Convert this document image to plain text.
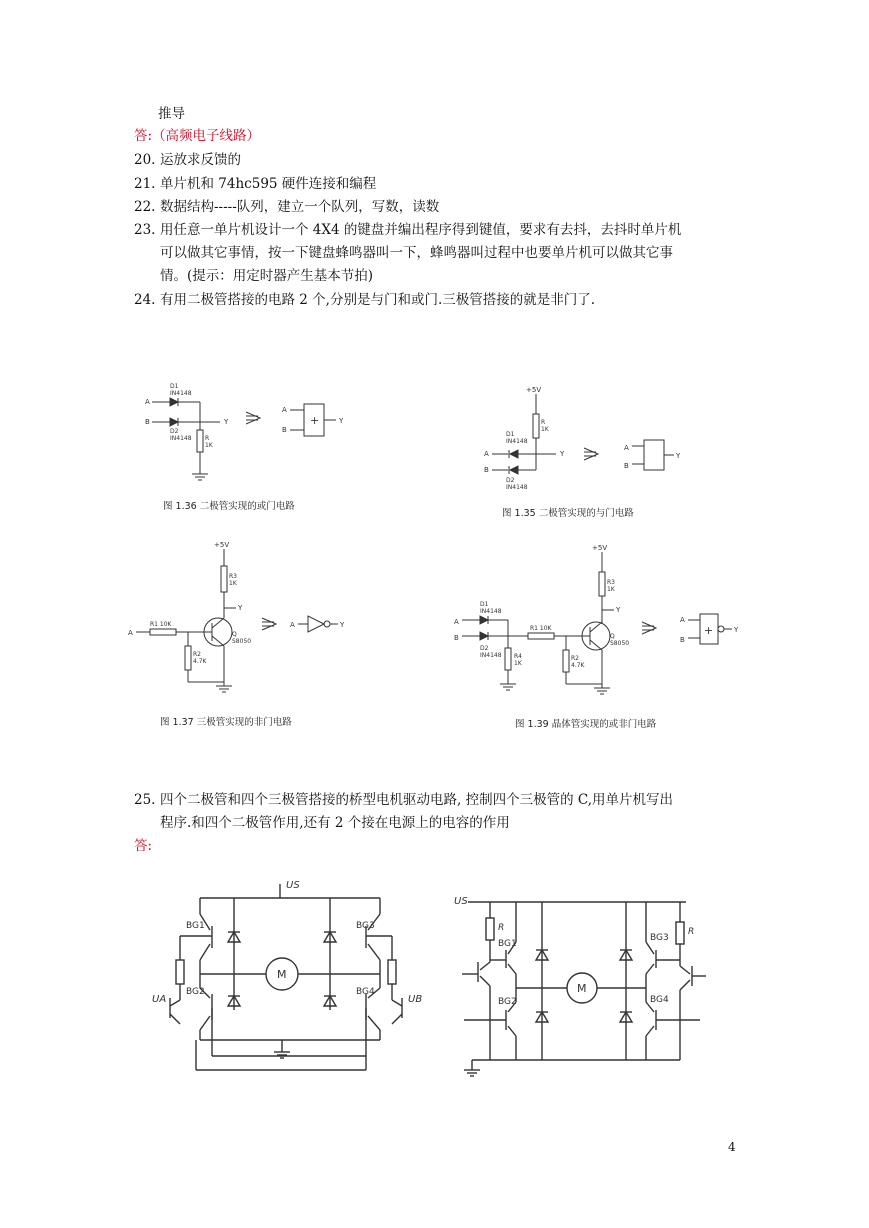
推导
答:（高频电子线路）
20. 运放求反馈的
21. 单片机和 74hc595 硬件连接和编程
22. 数据结构-----队列，建立一个队列，写数，读数
23. 用任意一单片机设计一个 4X4 的键盘并编出程序得到键值，要求有去抖，去抖时单片机
可以做其它事情，按一下键盘蜂鸣器叫一下，蜂鸣器叫过程中也要单片机可以做其它事
情。(提示：用定时器产生基本节拍)
24. 有用二极管搭接的电路 2 个,分别是与门和或门.三极管搭接的就是非门了.
A
B
D1
IN4148
D2
IN4148
Y
R
1K
A
B
+	Y
图 1.36 二极管实现的或门电路
+5V
R
1K
A
B
Y
D1
IN4148
D2
IN4148
A
B
Y
图 1.35 二极管实现的与门电路
+5V
R3
1K
Y
Q
S8050
A
R1 10K
R2
4.7K
A	Y
图 1.37 三极管实现的非门电路
+5V
R3
1K
Y
Q
S8050
A
B
D1
IN4148
D2
IN4148 R4
1K
R1 10K
R2
4.7K
A
B
+	Y
图 1.39 晶体管实现的或非门电路
25. 四个二极管和四个三极管搭接的桥型电机驱动电路, 控制四个三极管的 C,用单片机写出
程序.和四个二极管作用,还有 2 个接在电源上的电容的作用
答:
US
M
BG1
BG2
BG3
BG4
UA	UB
US
R	R
M
BG1
BG2
BG3
BG4
4
